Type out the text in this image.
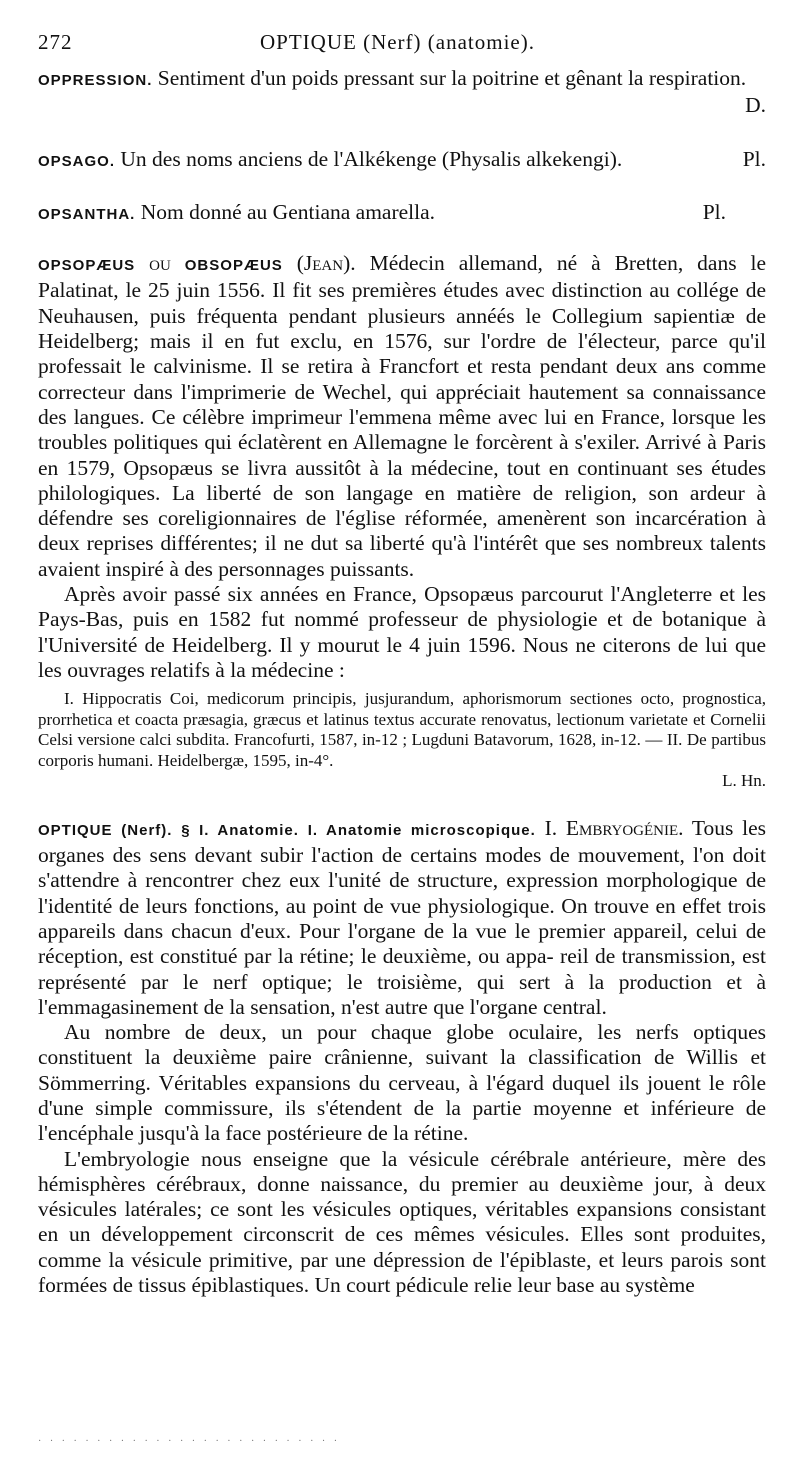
272	OPTIQUE (Nerf) (anatomie).

OPPRESSION. Sentiment d'un poids pressant sur la poitrine et gênant la respiration.
D.

OPSAGO. Un des noms anciens de l'Alkékenge (Physalis alkekengi).	Pl.

OPSANTHA. Nom donné au Gentiana amarella.	Pl.

OPSOPÆUS ou OBSOPÆUS (Jean). Médecin allemand, né à Bretten, dans le Palatinat, le 25 juin 1556. Il fit ses premières études avec distinction au collége de Neuhausen, puis fréquenta pendant plusieurs annéés le Collegium sapientiæ de Heidelberg; mais il en fut exclu, en 1576, sur l'ordre de l'électeur, parce qu'il professait le calvinisme. Il se retira à Francfort et resta pendant deux ans comme correcteur dans l'imprimerie de Wechel, qui appréciait hautement sa connaissance des langues. Ce célèbre imprimeur l'emmena même avec lui en France, lorsque les troubles politiques qui éclatèrent en Allemagne le forcèrent à s'exiler. Arrivé à Paris en 1579, Opsopæus se livra aussitôt à la médecine, tout en continuant ses études philologiques. La liberté de son langage en matière de religion, son ardeur à défendre ses coreligionnaires de l'église réformée, amenèrent son incarcération à deux reprises différentes; il ne dut sa liberté qu'à l'intérêt que ses nombreux talents avaient inspiré à des personnages puissants.

Après avoir passé six années en France, Opsopæus parcourut l'Angleterre et les Pays-Bas, puis en 1582 fut nommé professeur de physiologie et de botanique à l'Université de Heidelberg. Il y mourut le 4 juin 1596. Nous ne citerons de lui que les ouvrages relatifs à la médecine :

I. Hippocratis Coi, medicorum principis, jusjurandum, aphorismorum sectiones octo, prognostica, prorrhetica et coacta præsagia, græcus et latinus textus accurate renovatus, lectionum varietate et Cornelii Celsi versione calci subdita. Francofurti, 1587, in-12 ; Lugduni Batavorum, 1628, in-12. — II. De partibus corporis humani. Heidelbergæ, 1595, in-4°.
L. Hn.

OPTIQUE (Nerf). § I. Anatomie. I. Anatomie microscopique. I. Embryogénie. Tous les organes des sens devant subir l'action de certains modes de mouvement, l'on doit s'attendre à rencontrer chez eux l'unité de structure, expression morphologique de l'identité de leurs fonctions, au point de vue physiologique. On trouve en effet trois appareils dans chacun d'eux. Pour l'organe de la vue le premier appareil, celui de réception, est constitué par la rétine; le deuxième, ou appa- reil de transmission, est représenté par le nerf optique; le troisième, qui sert à la production et à l'emmagasinement de la sensation, n'est autre que l'organe central.

Au nombre de deux, un pour chaque globe oculaire, les nerfs optiques constituent la deuxième paire crânienne, suivant la classification de Willis et Sömmerring. Véritables expansions du cerveau, à l'égard duquel ils jouent le rôle d'une simple commissure, ils s'étendent de la partie moyenne et inférieure de l'encéphale jusqu'à la face postérieure de la rétine.

L'embryologie nous enseigne que la vésicule cérébrale antérieure, mère des hémisphères cérébraux, donne naissance, du premier au deuxième jour, à deux vésicules latérales; ce sont les vésicules optiques, véritables expansions consistant en un développement circonscrit de ces mêmes vésicules. Elles sont produites, comme la vésicule primitive, par une dépression de l'épiblaste, et leurs parois sont formées de tissus épiblastiques. Un court pédicule relie leur base au système

· · · · · · · · · · · · · · · · · · · · · · · · · ·
